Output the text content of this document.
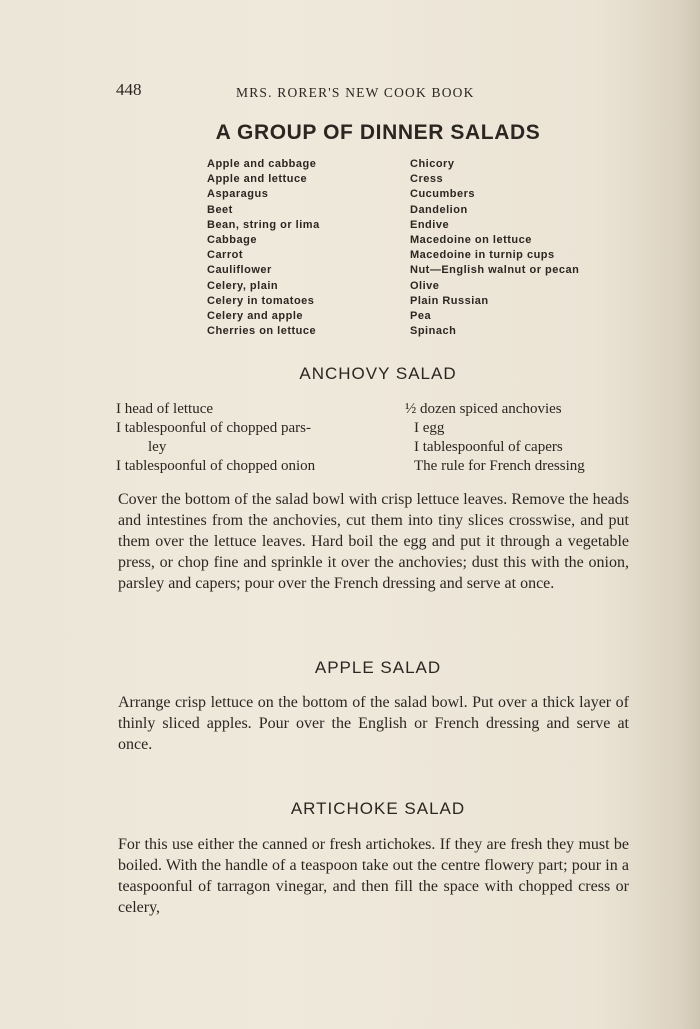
448	MRS. RORER'S NEW COOK BOOK
A GROUP OF DINNER SALADS
Apple and cabbage
Apple and lettuce
Asparagus
Beet
Bean, string or lima
Cabbage
Carrot
Cauliflower
Celery, plain
Celery in tomatoes
Celery and apple
Cherries on lettuce
Chicory
Cress
Cucumbers
Dandelion
Endive
Macedoine on lettuce
Macedoine in turnip cups
Nut—English walnut or pecan
Olive
Plain Russian
Pea
Spinach
ANCHOVY SALAD
I head of lettuce
I tablespoonful of chopped pars-
ley
I tablespoonful of chopped onion
½ dozen spiced anchovies
I egg
I tablespoonful of capers
The rule for French dressing
Cover the bottom of the salad bowl with crisp lettuce leaves. Remove the heads and intestines from the anchovies, cut them into tiny slices crosswise, and put them over the lettuce leaves. Hard boil the egg and put it through a vegetable press, or chop fine and sprinkle it over the anchovies; dust this with the onion, parsley and capers; pour over the French dressing and serve at once.
APPLE SALAD
Arrange crisp lettuce on the bottom of the salad bowl. Put over a thick layer of thinly sliced apples. Pour over the English or French dressing and serve at once.
ARTICHOKE SALAD
For this use either the canned or fresh artichokes. If they are fresh they must be boiled. With the handle of a teaspoon take out the centre flowery part; pour in a teaspoonful of tarragon vinegar, and then fill the space with chopped cress or celery,
